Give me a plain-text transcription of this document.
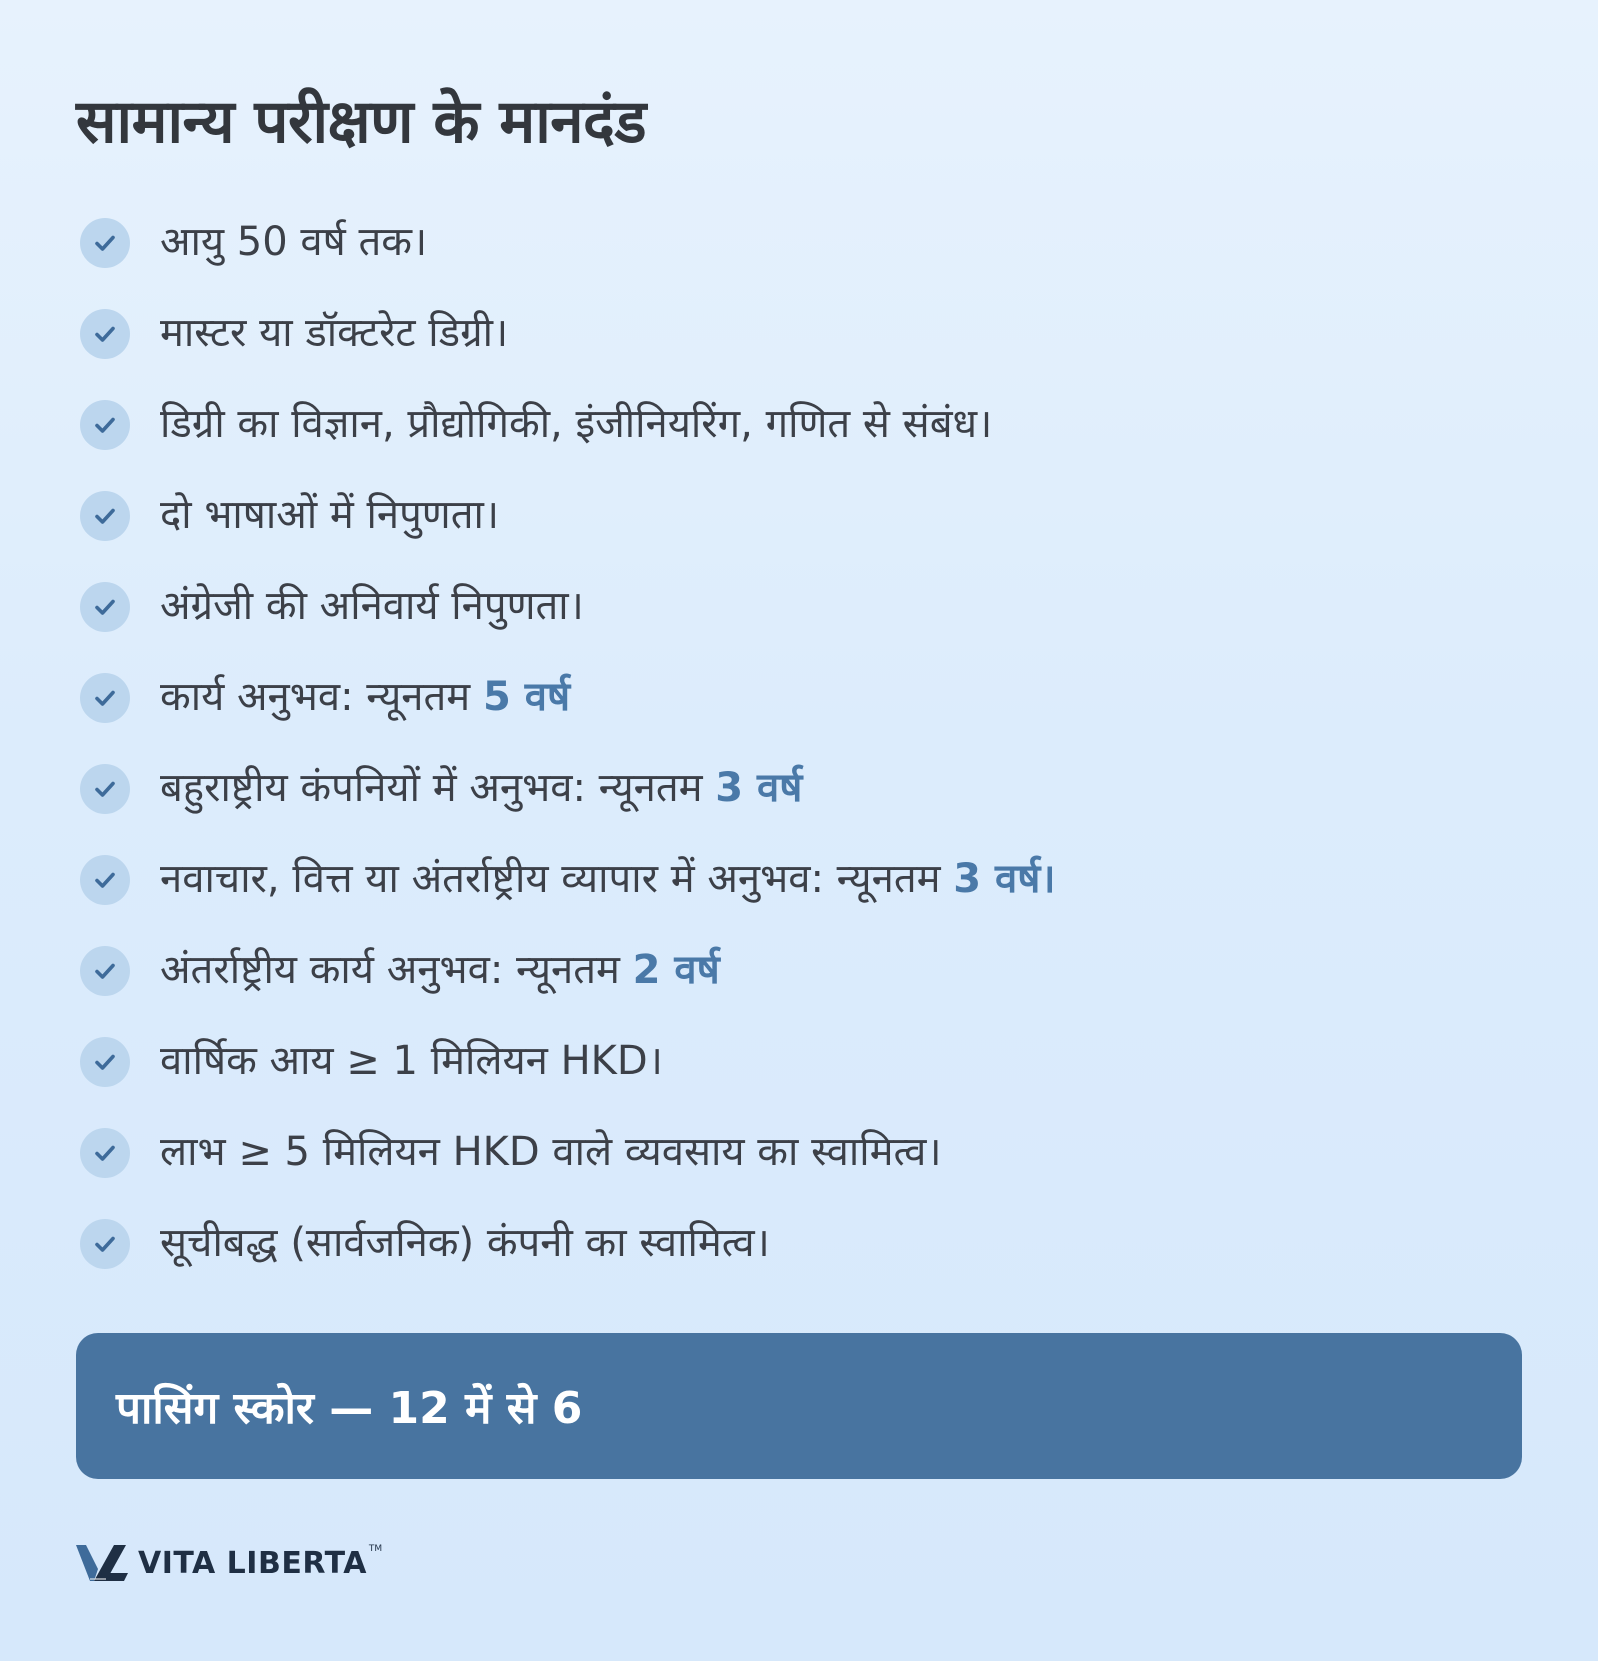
सामान्य परीक्षण के मानदंड
आयु 50 वर्ष तक।
मास्टर या डॉक्टरेट डिग्री।
डिग्री का विज्ञान, प्रौद्योगिकी, इंजीनियरिंग, गणित से संबंध।
दो भाषाओं में निपुणता।
अंग्रेजी की अनिवार्य निपुणता।
कार्य अनुभव: न्यूनतम 5 वर्ष
बहुराष्ट्रीय कंपनियों में अनुभव: न्यूनतम 3 वर्ष
नवाचार, वित्त या अंतर्राष्ट्रीय व्यापार में अनुभव: न्यूनतम 3 वर्ष।
अंतर्राष्ट्रीय कार्य अनुभव: न्यूनतम 2 वर्ष
वार्षिक आय ≥ 1 मिलियन HKD।
लाभ ≥ 5 मिलियन HKD वाले व्यवसाय का स्वामित्व।
सूचीबद्ध (सार्वजनिक) कंपनी का स्वामित्व।
पासिंग स्कोर — 12 में से 6
VITA LIBERTA TM
